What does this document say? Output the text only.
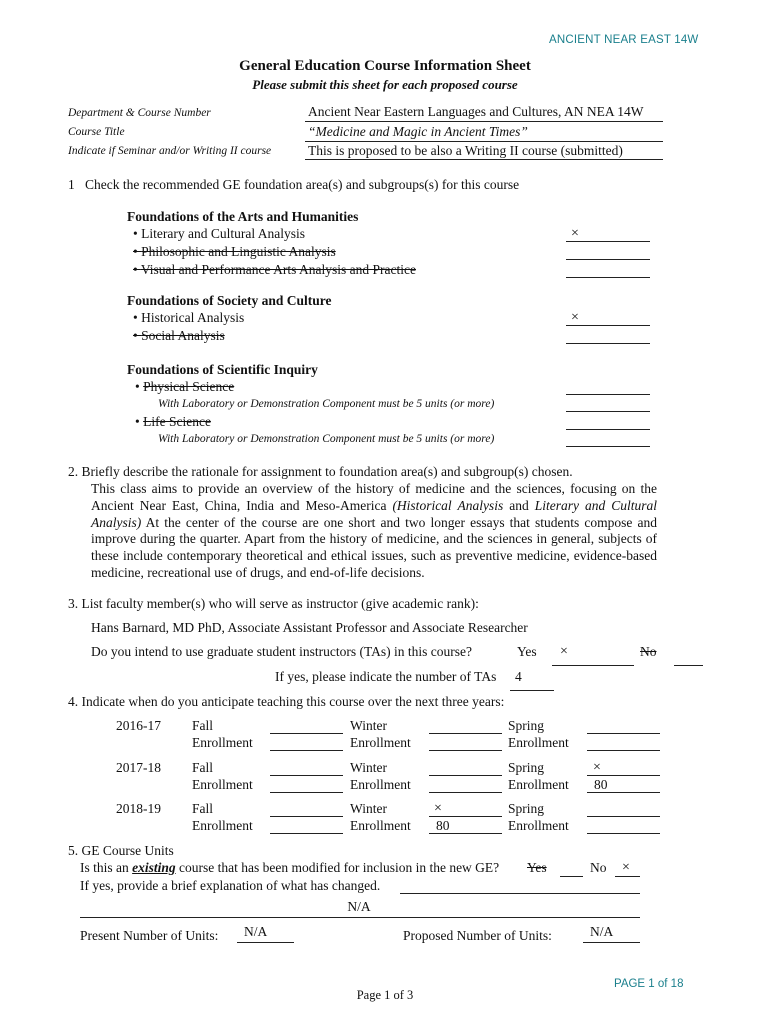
ANCIENT NEAR EAST 14W
General Education Course Information Sheet
Please submit this sheet for each proposed course
Department & Course Number	Ancient Near Eastern Languages and Cultures, AN NEA 14W
Course Title	“Medicine and Magic in Ancient Times”
Indicate if Seminar and/or Writing II course	This is proposed to be also a Writing II course (submitted)
1 Check the recommended GE foundation area(s) and subgroups(s) for this course
Foundations of the Arts and Humanities
• Literary and Cultural Analysis	×
• Philosophic and Linguistic Analysis
• Visual and Performance Arts Analysis and Practice
Foundations of Society and Culture
• Historical Analysis	×
• Social Analysis
Foundations of Scientific Inquiry
• Physical Science
With Laboratory or Demonstration Component must be 5 units (or more)
• Life Science
With Laboratory or Demonstration Component must be 5 units (or more)
2. Briefly describe the rationale for assignment to foundation area(s) and subgroup(s) chosen.
This class aims to provide an overview of the history of medicine and the sciences, focusing on the Ancient Near East, China, India and Meso-America (Historical Analysis and Literary and Cultural Analysis) At the center of the course are one short and two longer essays that students compose and improve during the quarter. Apart from the history of medicine, and the sciences in general, subjects of these include contemporary theoretical and ethical issues, such as preventive medicine, evidence-based medicine, recreational use of drugs, and end-of-life decisions.
3. List faculty member(s) who will serve as instructor (give academic rank):
Hans Barnard, MD PhD, Associate Assistant Professor and Associate Researcher
Do you intend to use graduate student instructors (TAs) in this course?	Yes ×	No
If yes, please indicate the number of TAs 4
4. Indicate when do you anticipate teaching this course over the next three years:
2016-17 Fall	Winter	Spring
Enrollment	Enrollment	Enrollment
2017-18 Fall	Winter	Spring	×
Enrollment	Enrollment	Enrollment 80
2018-19 Fall	Winter	×	Spring
Enrollment	Enrollment 80	Enrollment
5. GE Course Units
Is this an existing course that has been modified for inclusion in the new GE? Yes	No ×
If yes, provide a brief explanation of what has changed.
N/A
Present Number of Units: N/A	Proposed Number of Units:	N/A
PAGE 1 of 18
Page 1 of 3
